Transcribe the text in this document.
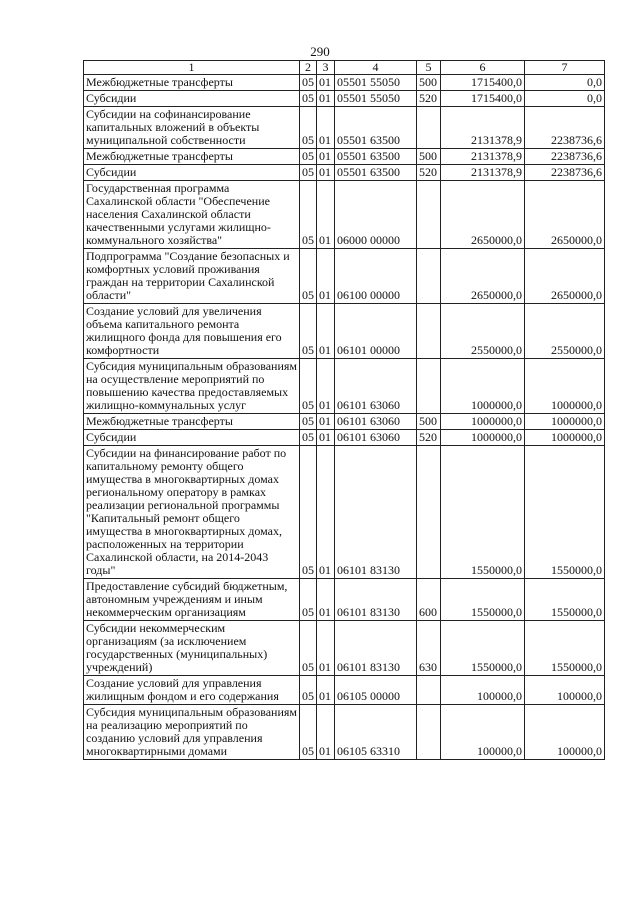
290
1	2	3	4	5	6	7
Межбюджетные трансферты	05	01	05501 55050	500	1715400,0	0,0
Субсидии	05	01	05501 55050	520	1715400,0	0,0
Субсидии на софинансирование капитальных вложений в объекты муниципальной собственности	05	01	05501 63500		2131378,9	2238736,6
Межбюджетные трансферты	05	01	05501 63500	500	2131378,9	2238736,6
Субсидии	05	01	05501 63500	520	2131378,9	2238736,6
Государственная программа Сахалинской области "Обеспечение населения Сахалинской области качественными услугами жилищно-коммунального хозяйства"	05	01	06000 00000		2650000,0	2650000,0
Подпрограмма "Создание безопасных и комфортных условий проживания граждан на территории Сахалинской области"	05	01	06100 00000		2650000,0	2650000,0
Создание условий для увеличения объема капитального ремонта жилищного фонда для повышения его комфортности	05	01	06101 00000		2550000,0	2550000,0
Субсидия муниципальным образованиям на осуществление мероприятий по повышению качества предоставляемых жилищно-коммунальных услуг	05	01	06101 63060		1000000,0	1000000,0
Межбюджетные трансферты	05	01	06101 63060	500	1000000,0	1000000,0
Субсидии	05	01	06101 63060	520	1000000,0	1000000,0
Субсидии на финансирование работ по капитальному ремонту общего имущества в многоквартирных домах региональному оператору в рамках реализации региональной программы "Капитальный ремонт общего имущества в многоквартирных домах, расположенных на территории Сахалинской области, на 2014-2043 годы"	05	01	06101 83130		1550000,0	1550000,0
Предоставление субсидий бюджетным, автономным учреждениям и иным некоммерческим организациям	05	01	06101 83130	600	1550000,0	1550000,0
Субсидии некоммерческим организациям (за исключением государственных (муниципальных) учреждений)	05	01	06101 83130	630	1550000,0	1550000,0
Создание условий для управления жилищным фондом и его содержания	05	01	06105 00000		100000,0	100000,0
Субсидия муниципальным образованиям на реализацию мероприятий по созданию условий для управления многоквартирными домами	05	01	06105 63310		100000,0	100000,0
